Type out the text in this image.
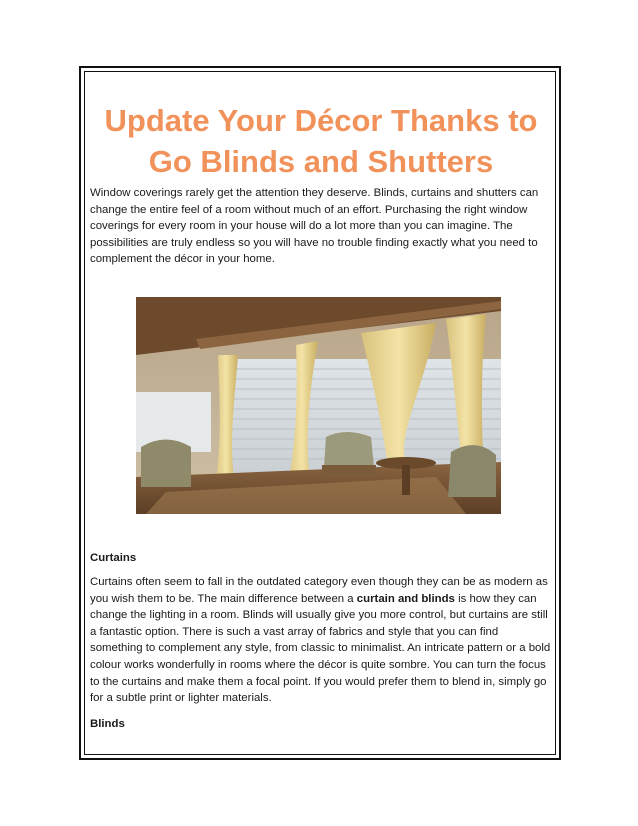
Update Your Décor Thanks to
Go Blinds and Shutters

Window coverings rarely get the attention they deserve. Blinds, curtains and shutters can change the entire feel of a room without much of an effort. Purchasing the right window coverings for every room in your house will do a lot more than you can imagine. The possibilities are truly endless so you will have no trouble finding exactly what you need to complement the décor in your home.

Curtains

Curtains often seem to fall in the outdated category even though they can be as modern as you wish them to be. The main difference between a curtain and blinds is how they can change the lighting in a room. Blinds will usually give you more control, but curtains are still a fantastic option. There is such a vast array of fabrics and style that you can find something to complement any style, from classic to minimalist. An intricate pattern or a bold colour works wonderfully in rooms where the décor is quite sombre. You can turn the focus to the curtains and make them a focal point. If you would prefer them to blend in, simply go for a subtle print or lighter materials.

Blinds
